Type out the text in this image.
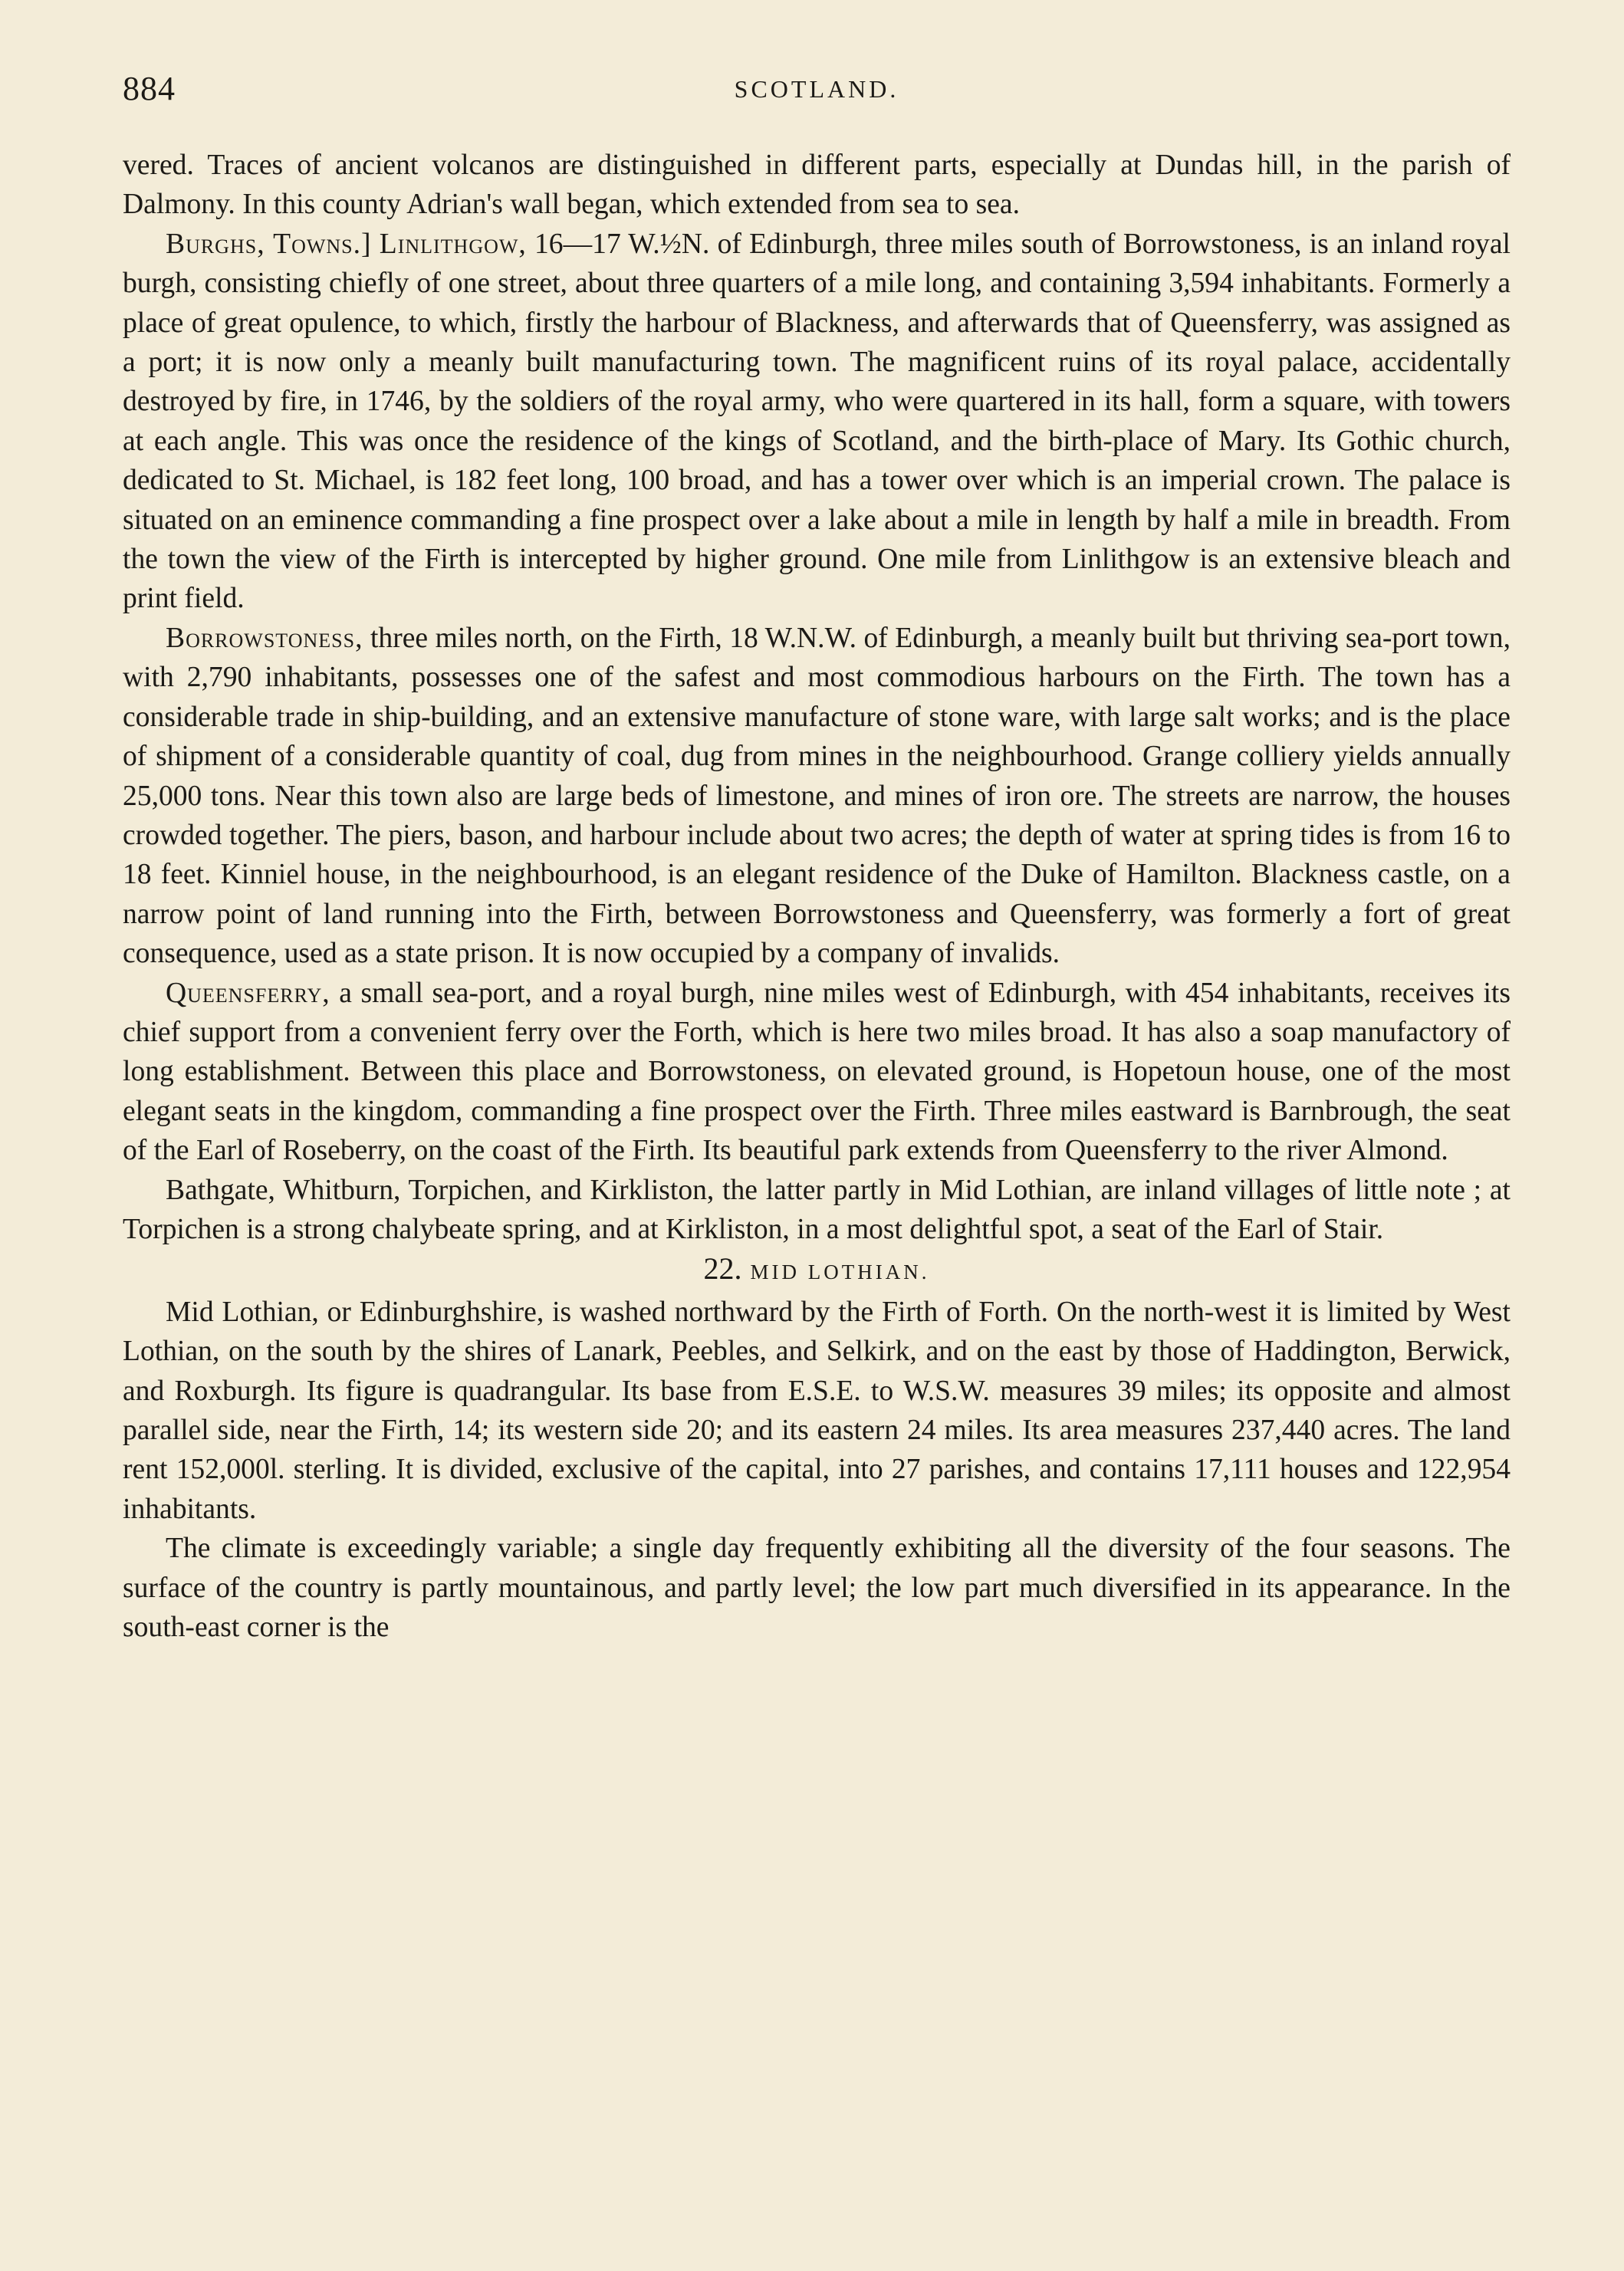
884	SCOTLAND.

vered. Traces of ancient volcanos are distinguished in different parts, especially at Dundas hill, in the parish of Dalmony. In this county Adrian's wall began, which extended from sea to sea.

Burghs, Towns.] Linlithgow, 16—17 W.½N. of Edinburgh, three miles south of Borrowstoness, is an inland royal burgh, consisting chiefly of one street, about three quarters of a mile long, and containing 3,594 inhabitants. Formerly a place of great opulence, to which, firstly the harbour of Blackness, and afterwards that of Queensferry, was assigned as a port; it is now only a meanly built manufacturing town. The magnificent ruins of its royal palace, accidentally destroyed by fire, in 1746, by the soldiers of the royal army, who were quartered in its hall, form a square, with towers at each angle. This was once the residence of the kings of Scotland, and the birth-place of Mary. Its Gothic church, dedicated to St. Michael, is 182 feet long, 100 broad, and has a tower over which is an imperial crown. The palace is situated on an eminence commanding a fine prospect over a lake about a mile in length by half a mile in breadth. From the town the view of the Firth is intercepted by higher ground. One mile from Linlithgow is an extensive bleach and print field.

Borrowstoness, three miles north, on the Firth, 18 W.N.W. of Edinburgh, a meanly built but thriving sea-port town, with 2,790 inhabitants, possesses one of the safest and most commodious harbours on the Firth. The town has a considerable trade in ship-building, and an extensive manufacture of stone ware, with large salt works; and is the place of shipment of a considerable quantity of coal, dug from mines in the neighbourhood. Grange colliery yields annually 25,000 tons. Near this town also are large beds of limestone, and mines of iron ore. The streets are narrow, the houses crowded together. The piers, bason, and harbour include about two acres; the depth of water at spring tides is from 16 to 18 feet. Kinniel house, in the neighbourhood, is an elegant residence of the Duke of Hamilton. Blackness castle, on a narrow point of land running into the Firth, between Borrowstoness and Queensferry, was formerly a fort of great consequence, used as a state prison. It is now occupied by a company of invalids.

Queensferry, a small sea-port, and a royal burgh, nine miles west of Edinburgh, with 454 inhabitants, receives its chief support from a convenient ferry over the Forth, which is here two miles broad. It has also a soap manufactory of long establishment. Between this place and Borrowstoness, on elevated ground, is Hopetoun house, one of the most elegant seats in the kingdom, commanding a fine prospect over the Firth. Three miles eastward is Barnbrough, the seat of the Earl of Roseberry, on the coast of the Firth. Its beautiful park extends from Queensferry to the river Almond.

Bathgate, Whitburn, Torpichen, and Kirkliston, the latter partly in Mid Lothian, are inland villages of little note ; at Torpichen is a strong chalybeate spring, and at Kirkliston, in a most delightful spot, a seat of the Earl of Stair.

22. MID LOTHIAN.

Mid Lothian, or Edinburghshire, is washed northward by the Firth of Forth. On the north-west it is limited by West Lothian, on the south by the shires of Lanark, Peebles, and Selkirk, and on the east by those of Haddington, Berwick, and Roxburgh. Its figure is quadrangular. Its base from E.S.E. to W.S.W. measures 39 miles; its opposite and almost parallel side, near the Firth, 14; its western side 20; and its eastern 24 miles. Its area measures 237,440 acres. The land rent 152,000l. sterling. It is divided, exclusive of the capital, into 27 parishes, and contains 17,111 houses and 122,954 inhabitants.

The climate is exceedingly variable; a single day frequently exhibiting all the diversity of the four seasons. The surface of the country is partly mountainous, and partly level; the low part much diversified in its appearance. In the south-east corner is the
